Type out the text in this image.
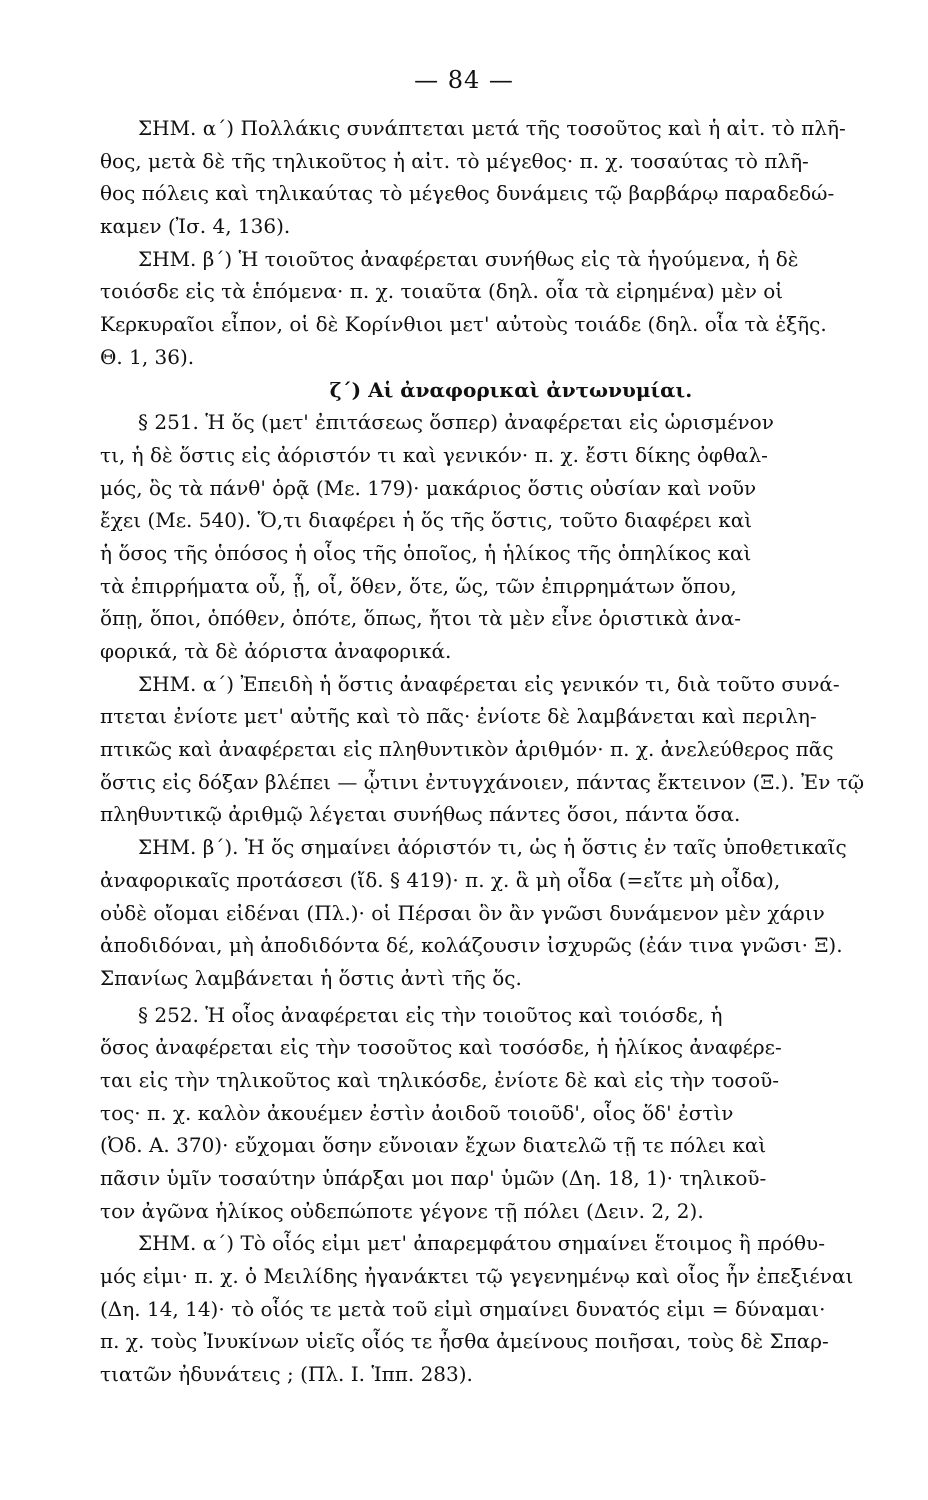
— 84 —
ΣΗΜ. α΄) Πολλάκις συνάπτεται μετά τῆς τοσοῦτος καὶ ἡ αἰτ. τὸ πλῆ-
θος, μετὰ δὲ τῆς τηλικοῦτος ἡ αἰτ. τὸ μέγεθος· π. χ. τοσαύτας τὸ πλῆ-
θος πόλεις καὶ τηλικαύτας τὸ μέγεθος δυνάμεις τῷ βαρβάρῳ παραδεδώ-
καμεν (Ἰσ. 4, 136).
ΣΗΜ. β΄) Ἡ τοιοῦτος ἀναφέρεται συνήθως εἰς τὰ ἡγούμενα, ἡ δὲ
τοιόσδε εἰς τὰ ἑπόμενα· π. χ. τοιαῦτα (δηλ. οἷα τὰ εἰρημένα) μὲν οἱ
Κερκυραῖοι εἶπον, οἱ δὲ Κορίνθιοι μετ' αὐτοὺς τοιάδε (δηλ. οἷα τὰ ἑξῆς.
Θ. 1, 36).
ζ΄) Αἱ ἀναφορικαὶ ἀντωνυμίαι.
§ 251. Ἡ ὅς (μετ' ἐπιτάσεως ὅσπερ) ἀναφέρεται εἰς ὡρισμένον
τι, ἡ δὲ ὅστις εἰς ἀόριστόν τι καὶ γενικόν· π. χ. ἔστι δίκης ὀφθαλ-
μός, ὃς τὰ πάνθ' ὁρᾷ (Με. 179)· μακάριος ὅστις οὐσίαν καὶ νοῦν
ἔχει (Με. 540). Ὅ,τι διαφέρει ἡ ὅς τῆς ὅστις, τοῦτο διαφέρει καὶ
ἡ ὅσος τῆς ὁπόσος ἡ οἷος τῆς ὁποῖος, ἡ ἡλίκος τῆς ὁπηλίκος καὶ
τὰ ἐπιρρήματα οὗ, ᾗ, οἷ, ὅθεν, ὅτε, ὥς, τῶν ἐπιρρημάτων ὅπου,
ὅπῃ, ὅποι, ὁπόθεν, ὁπότε, ὅπως, ἤτοι τὰ μὲν εἶνε ὁριστικὰ ἀνα-
φορικά, τὰ δὲ ἀόριστα ἀναφορικά.
ΣΗΜ. α΄) Ἐπειδὴ ἡ ὅστις ἀναφέρεται εἰς γενικόν τι, διὰ τοῦτο συνά-
πτεται ἐνίοτε μετ' αὐτῆς καὶ τὸ πᾶς· ἐνίοτε δὲ λαμβάνεται καὶ περιλη-
πτικῶς καὶ ἀναφέρεται εἰς πληθυντικὸν ἀριθμόν· π. χ. ἀνελεύθερος πᾶς
ὅστις εἰς δόξαν βλέπει — ᾧτινι ἐντυγχάνοιεν, πάντας ἔκτεινον (Ξ.). Ἐν τῷ
πληθυντικῷ ἀριθμῷ λέγεται συνήθως πάντες ὅσοι, πάντα ὅσα.
ΣΗΜ. β΄). Ἡ ὅς σημαίνει ἀόριστόν τι, ὡς ἡ ὅστις ἐν ταῖς ὑποθετικαῖς
ἀναφορικαῖς προτάσεσι (ἴδ. § 419)· π. χ. ἃ μὴ οἶδα (=εἴτε μὴ οἶδα),
οὐδὲ οἴομαι εἰδέναι (Πλ.)· οἱ Πέρσαι ὃν ἂν γνῶσι δυνάμενον μὲν χάριν
ἀποδιδόναι, μὴ ἀποδιδόντα δέ, κολάζουσιν ἰσχυρῶς (ἐάν τινα γνῶσι· Ξ).
Σπανίως λαμβάνεται ἡ ὅστις ἀντὶ τῆς ὅς.
§ 252. Ἡ οἷος ἀναφέρεται εἰς τὴν τοιοῦτος καὶ τοιόσδε, ἡ
ὅσος ἀναφέρεται εἰς τὴν τοσοῦτος καὶ τοσόσδε, ἡ ἡλίκος ἀναφέρε-
ται εἰς τὴν τηλικοῦτος καὶ τηλικόσδε, ἐνίοτε δὲ καὶ εἰς τὴν τοσοῦ-
τος· π. χ. καλὸν ἀκουέμεν ἐστὶν ἀοιδοῦ τοιοῦδ', οἷος ὅδ' ἐστὶν
(Ὀδ. Α. 370)· εὔχομαι ὅσην εὔνοιαν ἔχων διατελῶ τῇ τε πόλει καὶ
πᾶσιν ὑμῖν τοσαύτην ὑπάρξαι μοι παρ' ὑμῶν (Δη. 18, 1)· τηλικοῦ-
τον ἀγῶνα ἡλίκος οὐδεπώποτε γέγονε τῇ πόλει (Δειν. 2, 2).
ΣΗΜ. α΄) Τὸ οἷός εἰμι μετ' ἀπαρεμφάτου σημαίνει ἕτοιμος ἢ πρόθυ-
μός εἰμι· π. χ. ὁ Μειλίδης ἠγανάκτει τῷ γεγενημένῳ καὶ οἷος ἦν ἐπεξιέναι
(Δη. 14, 14)· τὸ οἷός τε μετὰ τοῦ εἰμὶ σημαίνει δυνατός εἰμι = δύναμαι·
π. χ. τοὺς Ἰνυκίνων υἱεῖς οἷός τε ἦσθα ἀμείνους ποιῆσαι, τοὺς δὲ Σπαρ-
τιατῶν ἠδυνάτεις ; (Πλ. Ι. Ἱππ. 283).
